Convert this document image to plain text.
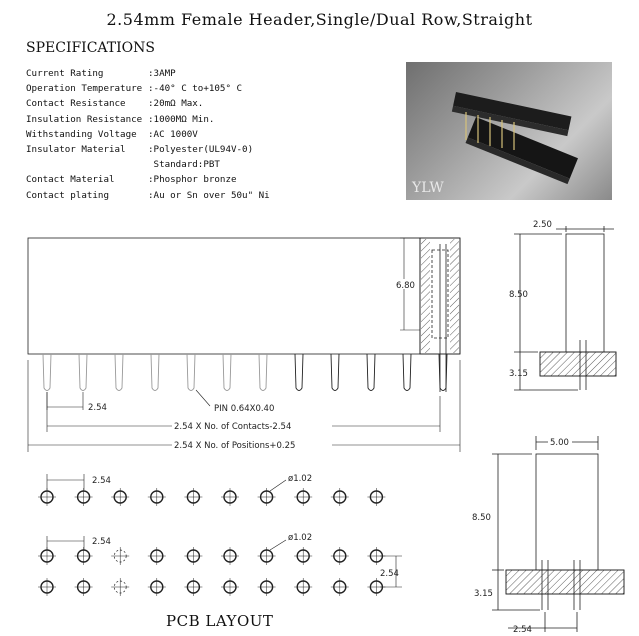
2.54mm Female Header,Single/Dual Row,Straight
SPECIFICATIONS
Current Rating	:3AMP
Operation Temperature :-40° C to+105° C
Contact Resistance	:20mΩ Max.
Insulation Resistance :1000MΩ Min.
Withstanding Voltage	:AC 1000V
Insulator Material	:Polyester(UL94V-0)
Standard:PBT
Contact Material	:Phosphor bronze
Contact plating	:Au or Sn over 50u" Ni	YLW
6.80
2.54	PIN 0.64X0.40
2.54 X No. of Contacts-2.54
2.54 X No. of Positions+0.25
2.50
8.50
3.15
5.00
8.50
3.15
2.54
2.54
2.54
ø1.02
ø1.02
2.54
PCB LAYOUT
